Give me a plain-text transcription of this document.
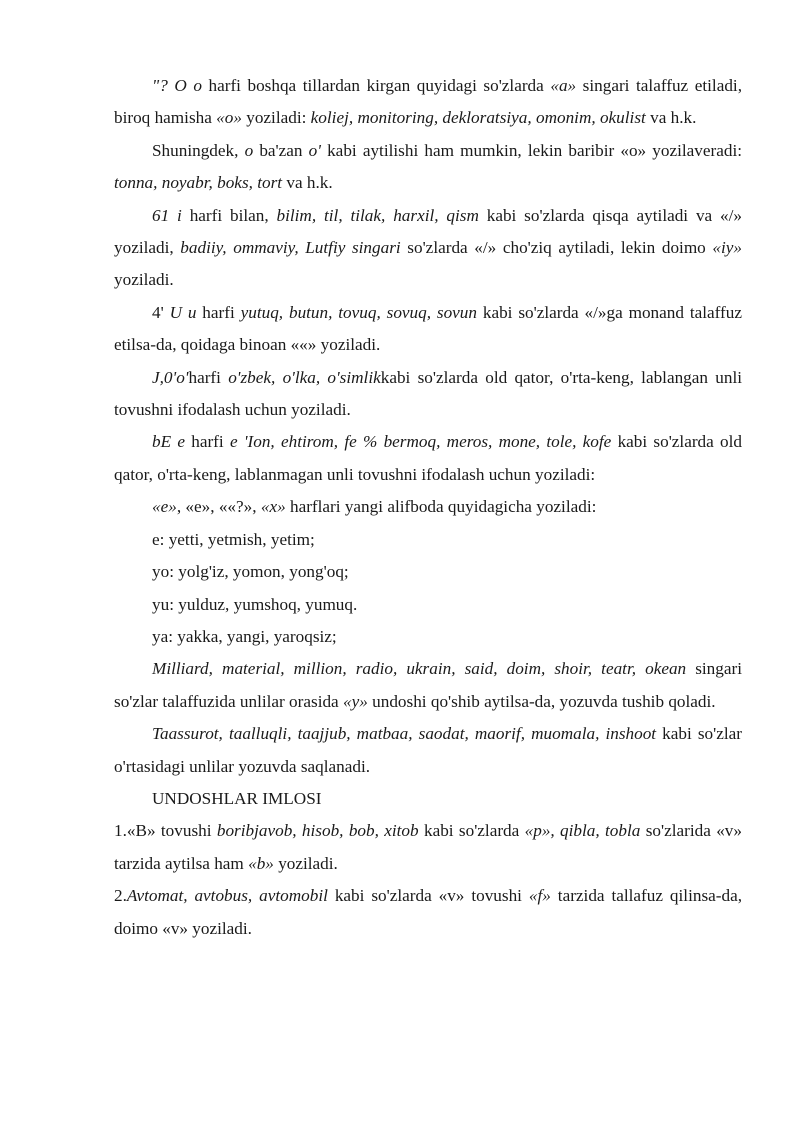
"? O o harfi boshqa tillardan kirgan quyidagi so'zlarda «a» singari talaffuz etiladi, biroq hamisha «o» yoziladi: koliej, monitoring, dekloratsiya, omonim, okulist va h.k.

Shuningdek, o ba'zan o' kabi aytilishi ham mumkin, lekin baribir «o» yozilaveradi: tonna, noyabr, boks, tort va h.k.

61 i harfi bilan, bilim, til, tilak, harxil, qism kabi so'zlarda qisqa aytiladi va «/» yoziladi, badiiy, ommaviy, Lutfiy singari so'zlarda «/» cho'ziq aytiladi, lekin doimo «iy» yoziladi.

4' U u harfi yutuq, butun, tovuq, sovuq, sovun kabi so'zlarda «/»ga monand talaffuz etilsa-da, qoidaga binoan ««» yoziladi.

J,0'o'harfi o'zbek, o'lka, o'simlikkabi so'zlarda old qator, o'rta-keng, lablangan unli tovushni ifodalash uchun yoziladi.

bE e harfi e 'Ion, ehtirom, fe % bermoq, meros, mone, tole, kofe kabi so'zlarda old qator, o'rta-keng, lablanmagan unli tovushni ifodalash uchun yoziladi:

«e», «e», ««?», «x» harflari yangi alifboda quyidagicha yoziladi:

e: yetti, yetmish, yetim;

yo: yolg'iz, yomon, yong'oq;

yu: yulduz, yumshoq, yumuq.

ya: yakka, yangi, yaroqsiz;

Milliard, material, million, radio, ukrain, said, doim, shoir, teatr, okean singari so'zlar talaffuzida unlilar orasida «y» undoshi qo'shib aytilsa-da, yozuvda tushib qoladi.

Taassurot, taalluqli, taajjub, matbaa, saodat, maorif, muomala, inshoot kabi so'zlar o'rtasidagi unlilar yozuvda saqlanadi.

UNDOSHLAR IMLOSI

1.«B» tovushi boribjavob, hisob, bob, xitob kabi so'zlarda «p», qibla, tobla so'zlarida «v» tarzida aytilsa ham «b» yoziladi.

2.Avtomat, avtobus, avtomobil kabi so'zlarda «v» tovushi «f» tarzida tallafuz qilinsa-da, doimo «v» yoziladi.
